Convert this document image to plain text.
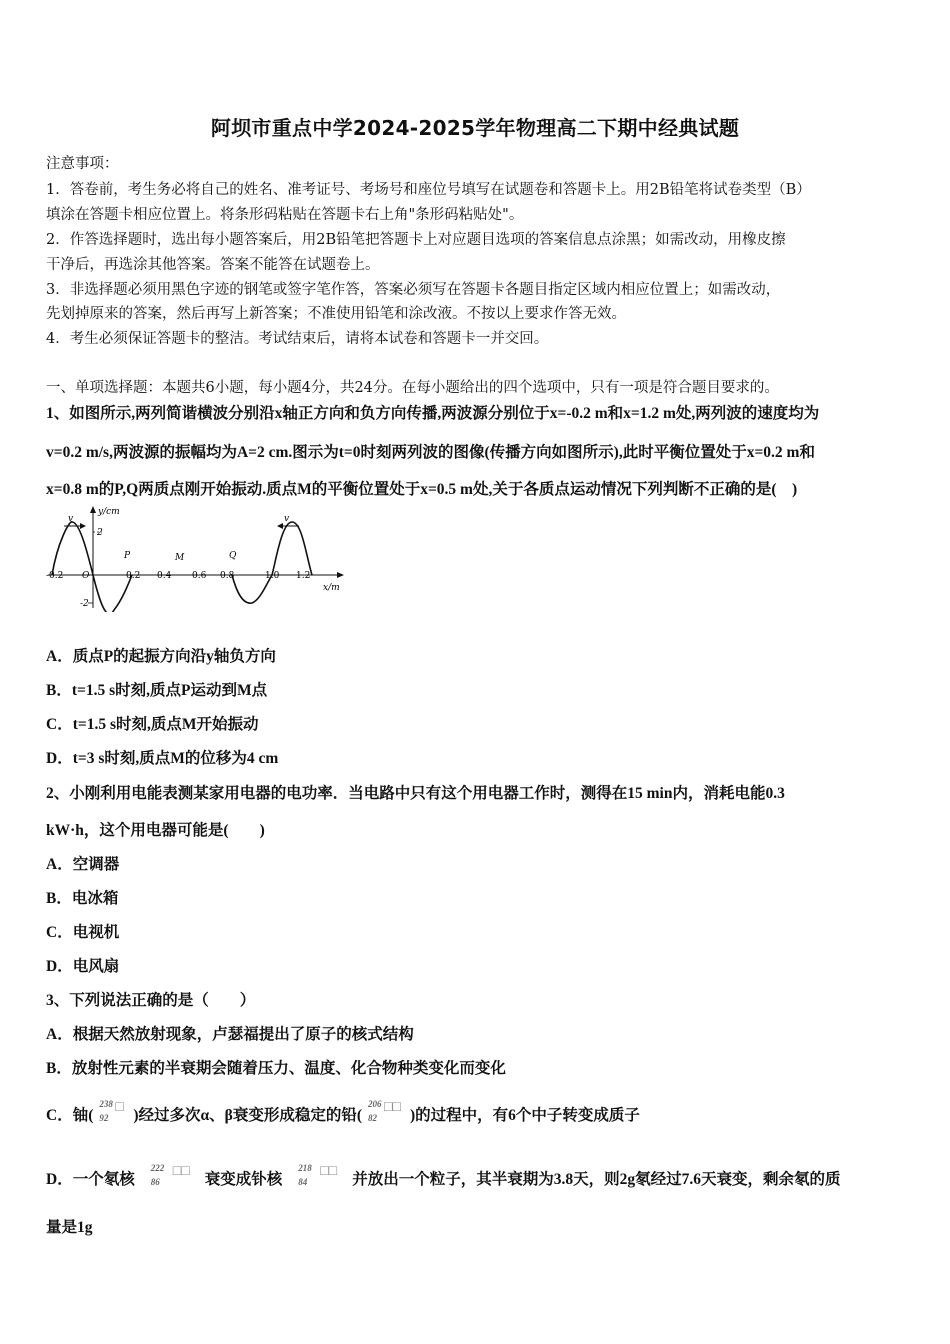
阿坝市重点中学2024-2025学年物理高二下期中经典试题
注意事项：
1．答卷前，考生务必将自己的姓名、准考证号、考场号和座位号填写在试题卷和答题卡上。用2B铅笔将试卷类型（B）
填涂在答题卡相应位置上。将条形码粘贴在答题卡右上角"条形码粘贴处"。
2．作答选择题时，选出每小题答案后，用2B铅笔把答题卡上对应题目选项的答案信息点涂黑；如需改动，用橡皮擦
干净后，再选涂其他答案。答案不能答在试题卷上。
3．非选择题必须用黑色字迹的钢笔或签字笔作答，答案必须写在答题卡各题目指定区域内相应位置上；如需改动，
先划掉原来的答案，然后再写上新答案；不准使用铅笔和涂改液。不按以上要求作答无效。
4．考生必须保证答题卡的整洁。考试结束后，请将本试卷和答题卡一并交回。
一、单项选择题：本题共6小题，每小题4分，共24分。在每小题给出的四个选项中，只有一项是符合题目要求的。
1、如图所示,两列简谐横波分别沿x轴正方向和负方向传播,两波源分别位于x=-0.2 m和x=1.2 m处,两列波的速度均为
v=0.2 m/s,两波源的振幅均为A=2 cm.图示为t=0时刻两列波的图像(传播方向如图所示),此时平衡位置处于x=0.2 m和
x=0.8 m的P,Q两质点刚开始振动.质点M的平衡位置处于x=0.5 m处,关于各质点运动情况下列判断不正确的是(　)
y/cm
x/m
2
-2
v	v
P	M	Q
-0.2 O	0.2 0.4 0.6 0.8	1.0 1.2
A．质点P的起振方向沿y轴负方向
B．t=1.5 s时刻,质点P运动到M点
C．t=1.5 s时刻,质点M开始振动
D．t=3 s时刻,质点M的位移为4 cm
2、小刚利用电能表测某家用电器的电功率．当电路中只有这个用电器工作时，测得在15 min内，消耗电能0.3
kW·h，这个用电器可能是(　　)
A．空调器
B．电冰箱
C．电视机
D．电风扇
3、下列说法正确的是（　　）
A．根据天然放射现象，卢瑟福提出了原子的核式结构
B．放射性元素的半衰期会随着压力、温度、化合物种类变化而变化
C．铀(
238
92
□ )经过多次α、β衰变形成稳定的铅(
206
82
□□ )的过程中，有6个中子转变成质子
D．一个氡核
222
86
□□ 衰变成钋核
218
84
□□ 并放出一个粒子，其半衰期为3.8天，则2g氡经过7.6天衰变，剩余氡的质
量是1g
